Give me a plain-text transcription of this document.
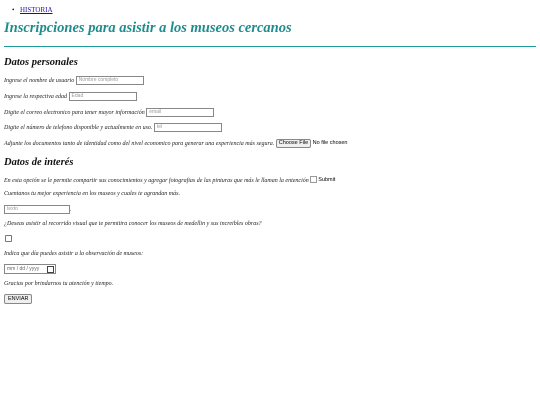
• HISTORIA
Inscripciones para asistir a los museos cercanos
Datos personales
Ingrese el nombre de usuario Nombre completo
Ingrese la respectiva edad Edad
Digite el correo electronico para tener mayor información email
Digite el número de telefono disponible y actualmente en uso. tel
Adjunte los documentos tanto de identidad como del nivel economico para generar una experiencia más segura. Choose File No file chosen
Datos de interés
En esta opción se le permite compartir sus conocimientos y agregar fotografias de las pinturas que más le llaman la entención Submit
Cuentanos tu mejor experiencia en los museos y cuales te agrandan más.
texto	.
¿Deseas asistir al recorrido visual que te permitira conocer los museos de medellin y sus increibles obras?
Indica que día puedes asistir a la observación de museos:
mm / dd / yyyy
Gracias por brindarnos tu atención y tiempo.
ENVIAR
